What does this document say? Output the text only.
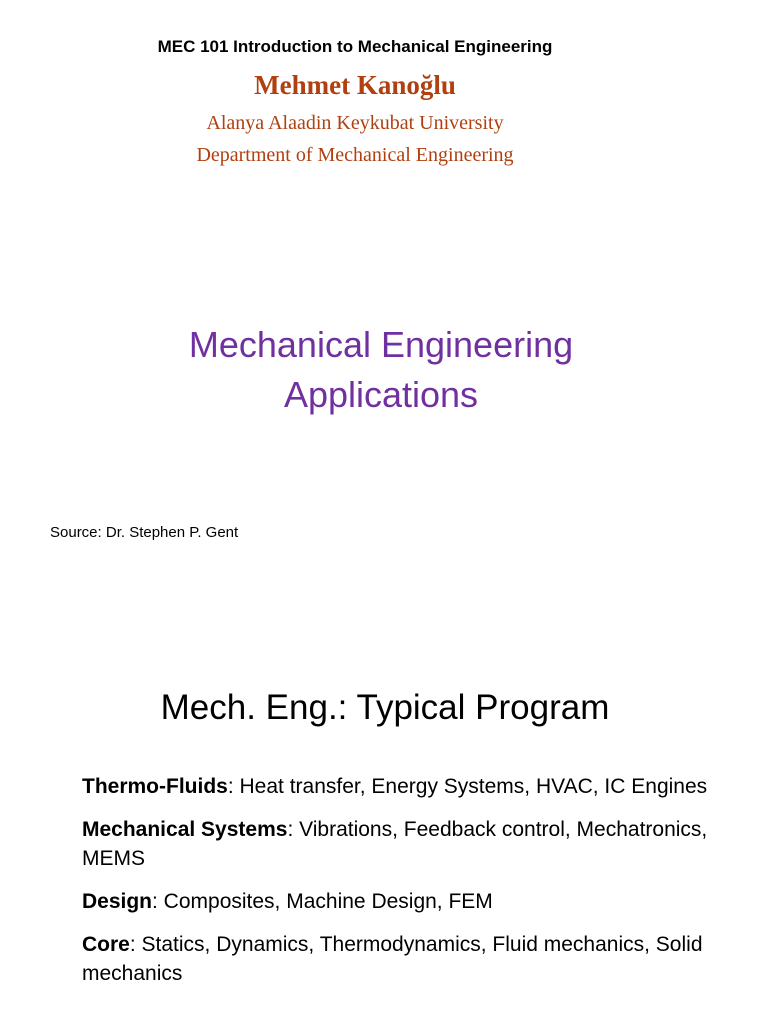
MEC 101 Introduction to Mechanical Engineering
Mehmet Kanoğlu
Alanya Alaadin Keykubat University
Department of Mechanical Engineering
Mechanical Engineering
Applications
Source: Dr. Stephen P. Gent
Mech. Eng.: Typical Program
Thermo-Fluids: Heat transfer, Energy Systems, HVAC, IC Engines
Mechanical Systems: Vibrations, Feedback control, Mechatronics, MEMS
Design: Composites, Machine Design, FEM
Core: Statics, Dynamics, Thermodynamics, Fluid mechanics, Solid mechanics
